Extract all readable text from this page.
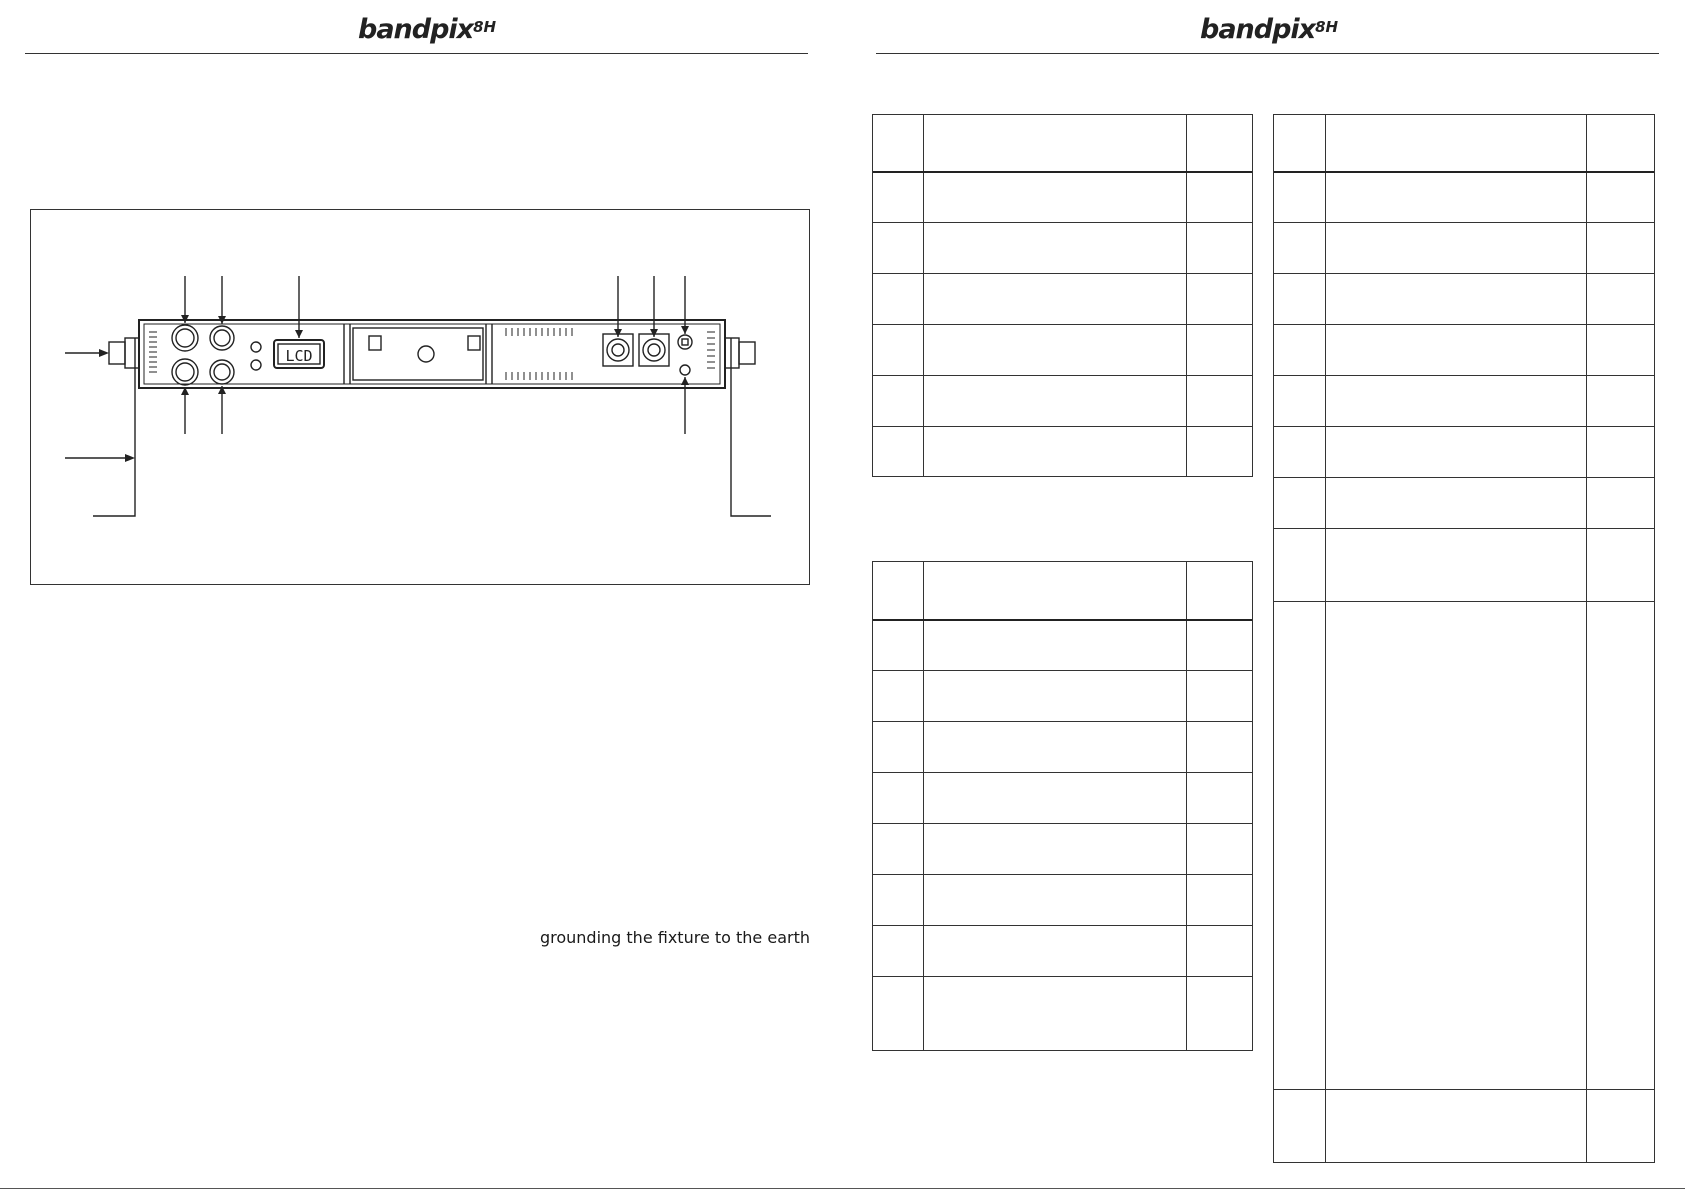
bandpix$^{8H}$
LCD
grounding the fixture to the earth
bandpix$^{8H}$
